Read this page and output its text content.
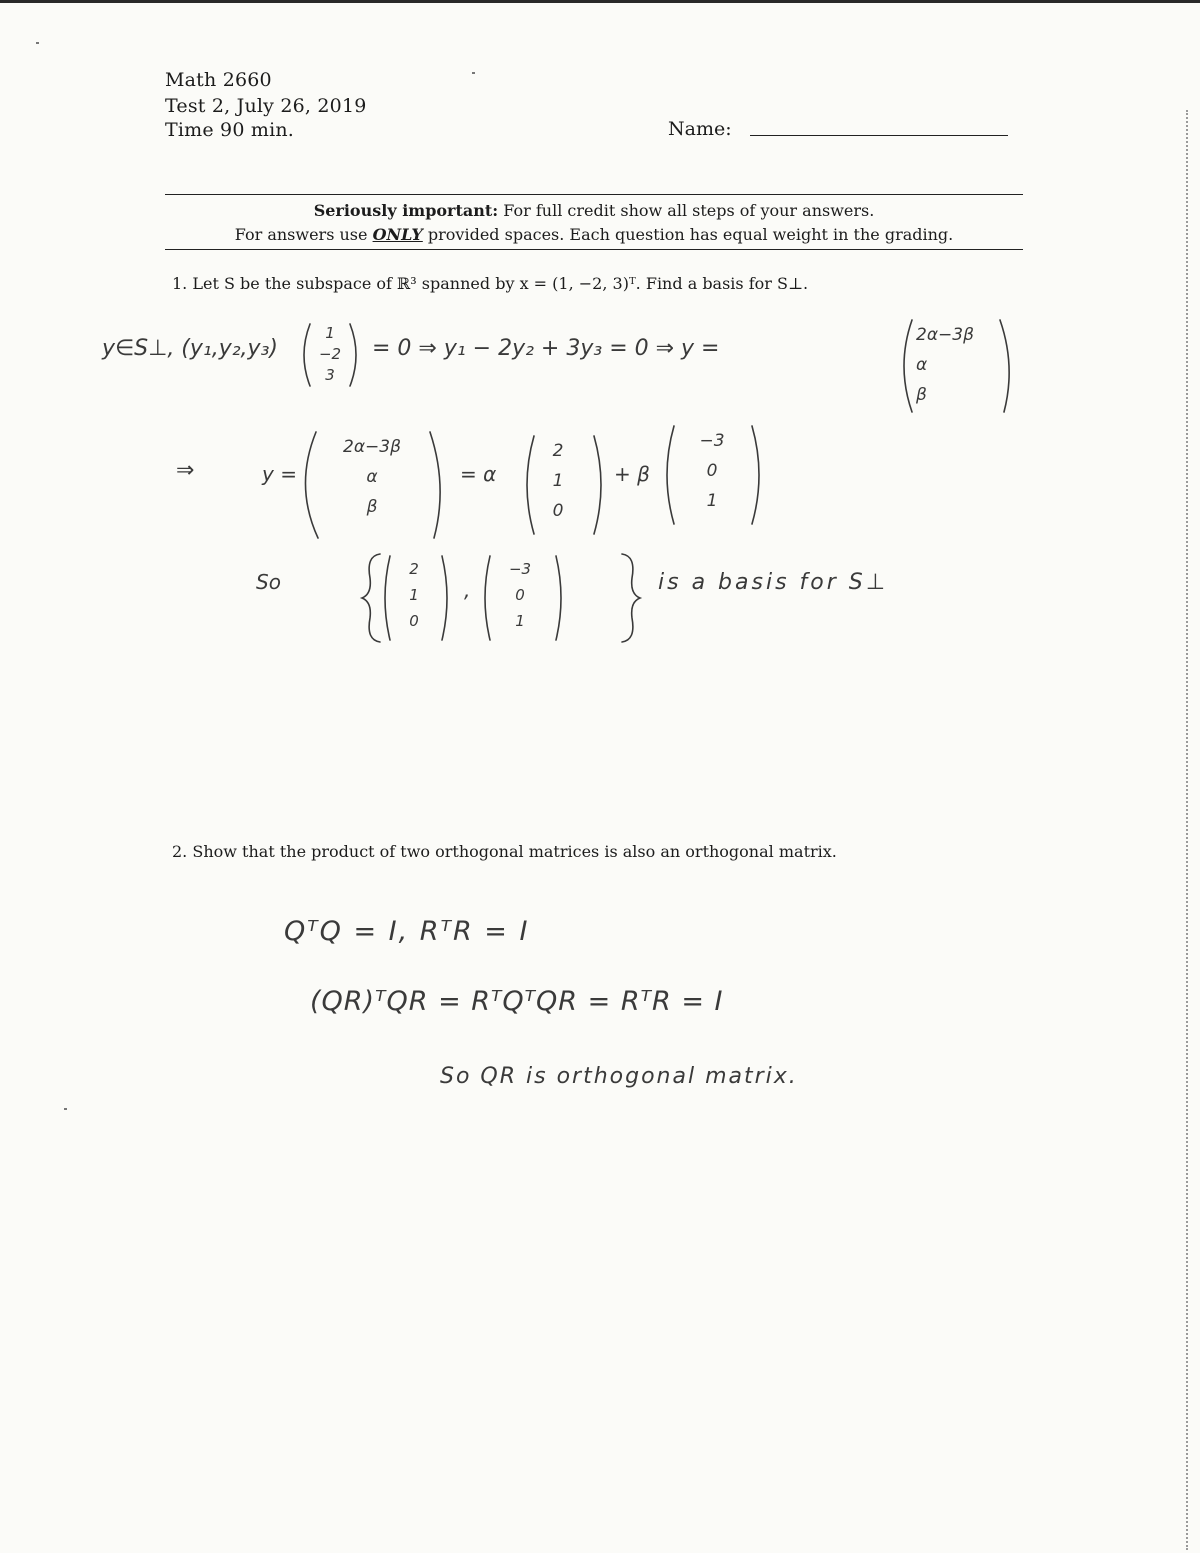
Math 2660
Test 2, July 26, 2019
Time 90 min.	Name:
Seriously important: For full credit show all steps of your answers.
For answers use ONLY provided spaces. Each question has equal weight in the grading.
1. Let S be the subspace of ℝ³ spanned by x = (1, −2, 3)ᵀ. Find a basis for S⊥.
y∈S⊥, (y₁,y₂,y₃)
1
−2
3
= 0 ⇒ y₁ − 2y₂ + 3y₃ = 0 ⇒ y =
2α−3β
α
β
⇒	y =
2α−3β
α
β
= α
2
1
0
+ β
−3
0
1
So
2
1
0
,
−3
0
1
is a basis for S⊥
2. Show that the product of two orthogonal matrices is also an orthogonal matrix.
QᵀQ = I, RᵀR = I
(QR)ᵀQR = RᵀQᵀQR = RᵀR = I
So QR is orthogonal matrix.
